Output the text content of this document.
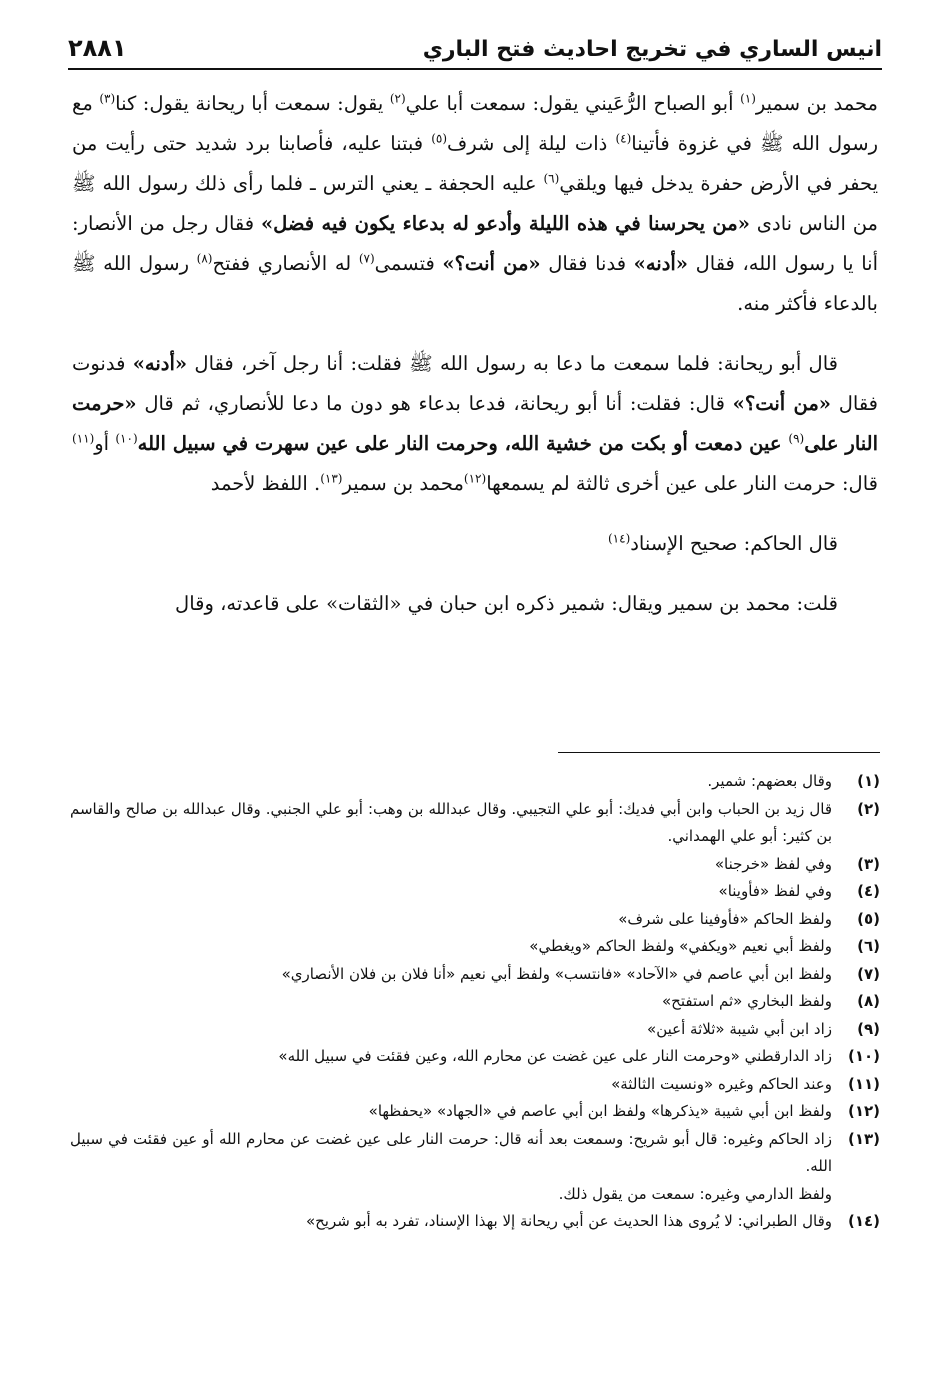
انيس الساري في تخريج احاديث فتح الباري
٢٨٨١

محمد بن سمير$^{(١)}$ أبو الصباح الرُّعَيني يقول: سمعت أبا علي$^{(٢)}$ يقول: سمعت أبا ريحانة يقول: كنا$^{(٣)}$ مع رسول الله ﷺ في غزوة فأتينا$^{(٤)}$ ذات ليلة إلى شرف$^{(٥)}$ فبتنا عليه، فأصابنا برد شديد حتى رأيت من يحفر في الأرض حفرة يدخل فيها ويلقي$^{(٦)}$ عليه الحجفة ـ يعني الترس ـ فلما رأى ذلك رسول الله ﷺ من الناس نادى «من يحرسنا في هذه الليلة وأدعو له بدعاء يكون فيه فضل» فقال رجل من الأنصار: أنا يا رسول الله، فقال «أدنه» فدنا فقال «من أنت؟» فتسمى$^{(٧)}$ له الأنصاري ففتح$^{(٨)}$ رسول الله ﷺ بالدعاء فأكثر منه.

قال أبو ريحانة: فلما سمعت ما دعا به رسول الله ﷺ فقلت: أنا رجل آخر، فقال «أدنه» فدنوت فقال «من أنت؟» قال: فقلت: أنا أبو ريحانة، فدعا بدعاء هو دون ما دعا للأنصاري، ثم قال «حرمت النار على$^{(٩)}$ عين دمعت أو بكت من خشية الله، وحرمت النار على عين سهرت في سبيل الله$^{(١٠)}$ أو$^{(١١)}$ قال: حرمت النار على عين أخرى ثالثة لم يسمعها$^{(١٢)}$محمد بن سمير$^{(١٣)}$. اللفظ لأحمد

قال الحاكم: صحيح الإسناد$^{(١٤)}$

قلت: محمد بن سمير ويقال: شمير ذكره ابن حبان في «الثقات» على قاعدته، وقال

(١)
وقال بعضهم: شمير.
(٢)
قال زيد بن الحباب وابن أبي فديك: أبو علي التجيبي. وقال عبدالله بن وهب: أبو علي الجنبي. وقال عبدالله بن صالح والقاسم بن كثير: أبو علي الهمداني.
(٣)
وفي لفظ «خرجنا»
(٤)
وفي لفظ «فأوينا»
(٥)
ولفظ الحاكم «فأوفينا على شرف»
(٦)
ولفظ أبي نعيم «ويكفي» ولفظ الحاكم «ويغطي»
(٧)
ولفظ ابن أبي عاصم في «الآحاد» «فانتسب» ولفظ أبي نعيم «أنا فلان بن فلان الأنصاري»
(٨)
ولفظ البخاري «ثم استفتح»
(٩)
زاد ابن أبي شيبة «ثلاثة أعين»
(١٠)
زاد الدارقطني «وحرمت النار على عين غضت عن محارم الله، وعين فقئت في سبيل الله»
(١١)
وعند الحاكم وغيره «ونسيت الثالثة»
(١٢)
ولفظ ابن أبي شيبة «يذكرها» ولفظ ابن أبي عاصم في «الجهاد» «يحفظها»
(١٣)
زاد الحاكم وغيره: قال أبو شريح: وسمعت بعد أنه قال: حرمت النار على عين غضت عن محارم الله أو عين فقئت في سبيل الله.
ولفظ الدارمي وغيره: سمعت من يقول ذلك.
(١٤)
وقال الطبراني: لا يُروى هذا الحديث عن أبي ريحانة إلا بهذا الإسناد، تفرد به أبو شريح»
